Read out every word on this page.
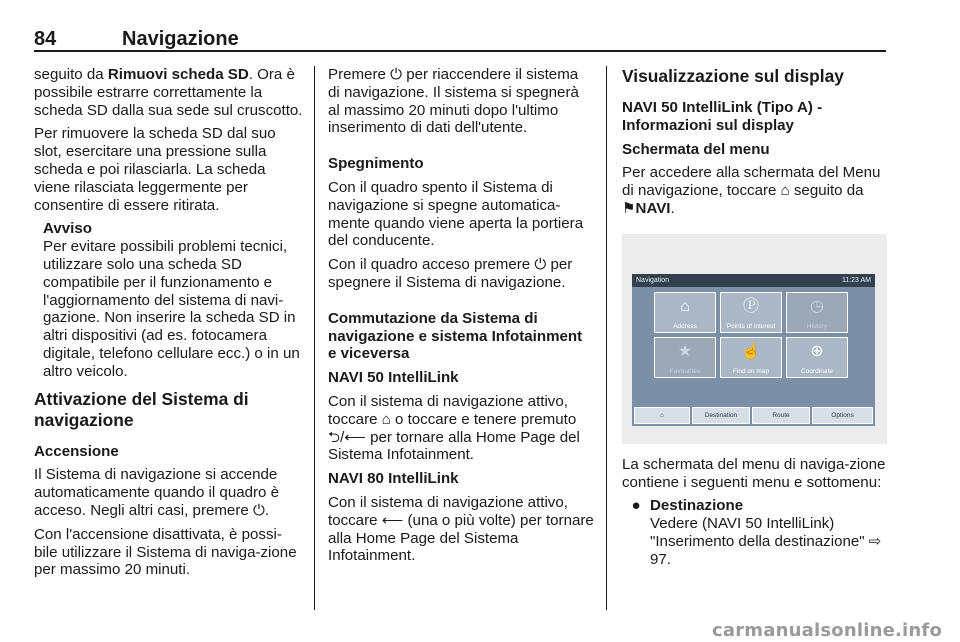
84	Navigazione

seguito da Rimuovi scheda SD. Ora è possibile estrarre correttamente la scheda SD dalla sua sede sul cruscotto.

Per rimuovere la scheda SD dal suo slot, esercitare una pressione sulla scheda e poi rilasciarla. La scheda viene rilasciata leggermente per consentire di essere ritirata.

Avviso
Per evitare possibili problemi tecnici, utilizzare solo una scheda SD compatibile per il funzionamento e l'aggiornamento del sistema di navi-gazione. Non inserire la scheda SD in altri dispositivi (ad es. fotocamera digitale, telefono cellulare ecc.) o in un altro veicolo.
Attivazione del Sistema di navigazione

Accensione

Il Sistema di navigazione si accende automaticamente quando il quadro è acceso. Negli altri casi, premere ⏻.

Con l'accensione disattivata, è possi-bile utilizzare il Sistema di naviga-zione per massimo 20 minuti.

Premere ⏻ per riaccendere il sistema di navigazione. Il sistema si spegnerà al massimo 20 minuti dopo l'ultimo inserimento di dati dell'utente.

Spegnimento

Con il quadro spento il Sistema di navigazione si spegne automatica-mente quando viene aperta la portiera del conducente.

Con il quadro acceso premere ⏻ per spegnere il Sistema di navigazione.

Commutazione da Sistema di navigazione e sistema Infotainment e viceversa

NAVI 50 IntelliLink

Con il sistema di navigazione attivo, toccare ⌂ o toccare e tenere premuto ⮌/⟵ per tornare alla Home Page del Sistema Infotainment.

NAVI 80 IntelliLink

Con il sistema di navigazione attivo, toccare ⟵ (una o più volte) per tornare alla Home Page del Sistema Infotainment.

Visualizzazione sul display

NAVI 50 IntelliLink (Tipo A) - Informazioni sul display

Schermata del menu

Per accedere alla schermata del Menu di navigazione, toccare ⌂ seguito da ⚑NAVI.

Navigation	11:23 AM
⌂
Address
Ⓟ
Points of interest
◷
History
★
Favourites
☝
Find on map
⊕
Coordinate
⌂	Destination	Route	Options

La schermata del menu di naviga-zione contiene i seguenti menu e sottomenu:

● Destinazione
Vedere (NAVI 50 IntelliLink) "Inserimento della destinazione" ⇨ 97.
carmanualsonline.info
